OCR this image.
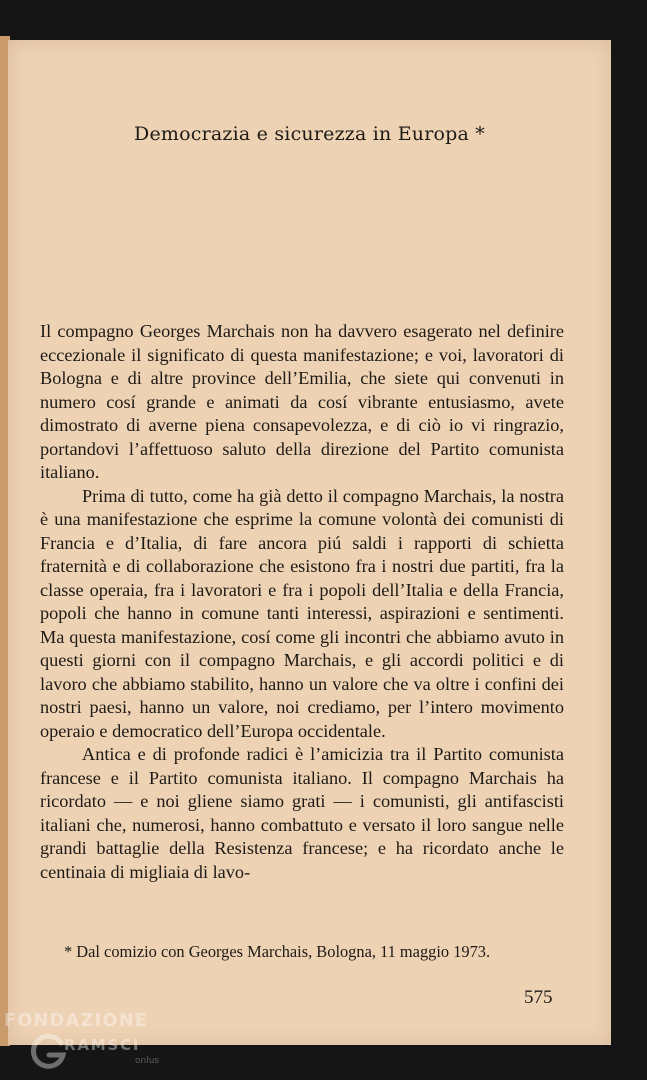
Democrazia e sicurezza in Europa *

Il compagno Georges Marchais non ha davvero esagerato nel definire eccezionale il significato di questa manifestazione; e voi, lavoratori di Bologna e di altre province dell’Emilia, che siete qui convenuti in numero cosí grande e animati da cosí vibrante entusiasmo, avete dimostrato di averne piena consapevolezza, e di ciò io vi ringrazio, portandovi l’affettuoso saluto della direzione del Partito comunista italiano.

Prima di tutto, come ha già detto il compagno Marchais, la nostra è una manifestazione che esprime la comune volontà dei comunisti di Francia e d’Italia, di fare ancora piú saldi i rapporti di schietta fraternità e di collaborazione che esistono fra i nostri due partiti, fra la classe operaia, fra i lavoratori e fra i popoli dell’Italia e della Francia, popoli che hanno in comune tanti interessi, aspirazioni e sentimenti. Ma questa manifestazione, cosí come gli incontri che abbiamo avuto in questi giorni con il compagno Marchais, e gli accordi politici e di lavoro che abbiamo stabilito, hanno un valore che va oltre i confini dei nostri paesi, hanno un valore, noi crediamo, per l’intero movimento operaio e democratico dell’Europa occidentale.

Antica e di profonde radici è l’amicizia tra il Partito comunista francese e il Partito comunista italiano. Il compagno Marchais ha ricordato — e noi gliene siamo grati — i comunisti, gli antifascisti italiani che, numerosi, hanno combattuto e versato il loro sangue nelle grandi battaglie della Resistenza francese; e ha ricordato anche le centinaia di migliaia di lavo-

* Dal comizio con Georges Marchais, Bologna, 11 maggio 1973.

575

FONDAZIONE
RAMSCI
onlus
